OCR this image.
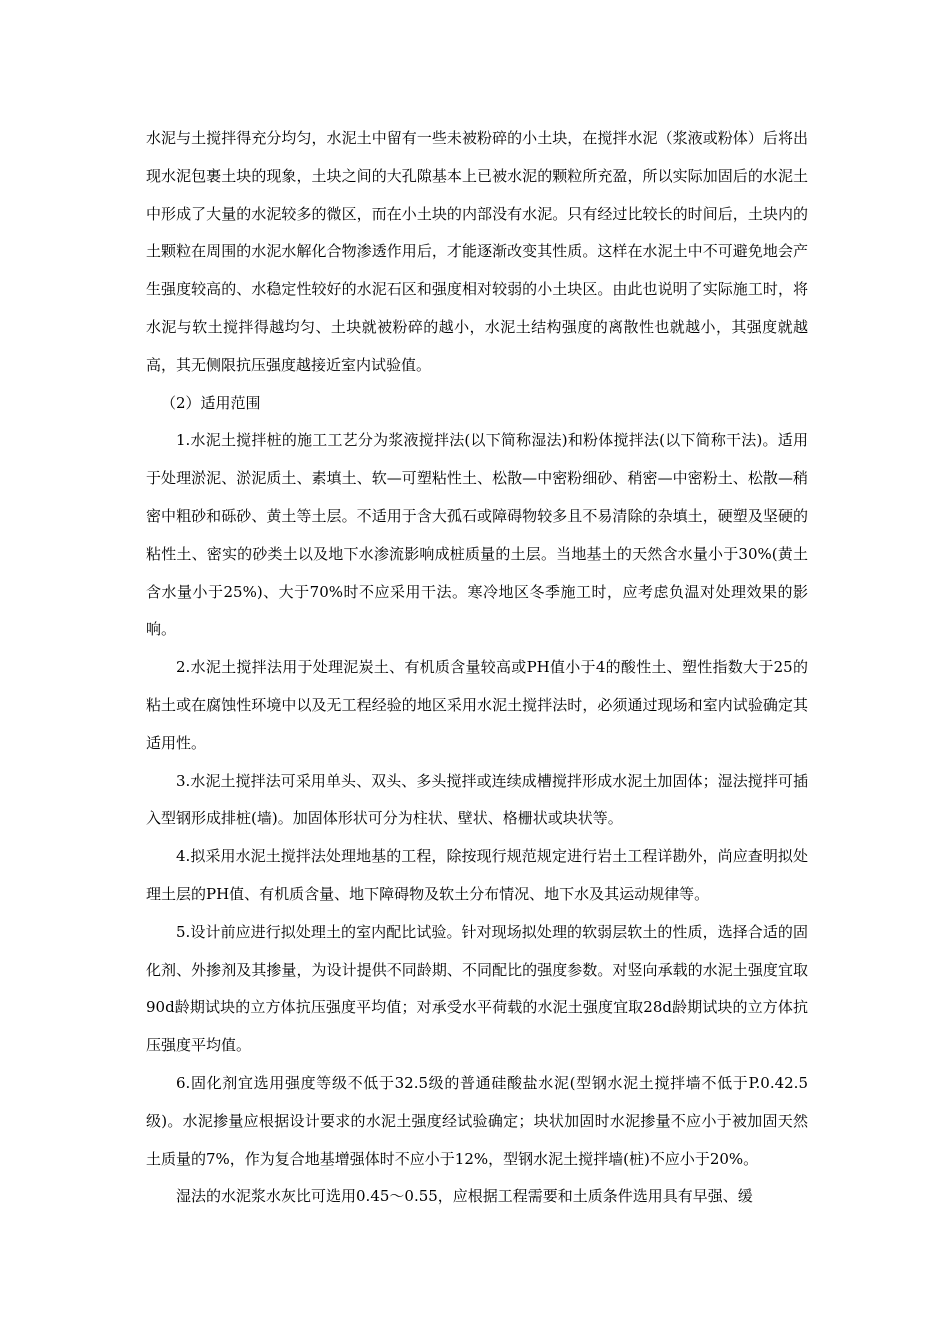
水泥与土搅拌得充分均匀，水泥土中留有一些未被粉碎的小土块，在搅拌水泥（浆液或粉体）后将出现水泥包裹土块的现象，土块之间的大孔隙基本上已被水泥的颗粒所充盈，所以实际加固后的水泥土中形成了大量的水泥较多的微区，而在小土块的内部没有水泥。只有经过比较长的时间后，土块内的土颗粒在周围的水泥水解化合物渗透作用后，才能逐渐改变其性质。这样在水泥土中不可避免地会产生强度较高的、水稳定性较好的水泥石区和强度相对较弱的小土块区。由此也说明了实际施工时，将水泥与软土搅拌得越均匀、土块就被粉碎的越小，水泥土结构强度的离散性也就越小，其强度就越高，其无侧限抗压强度越接近室内试验值。

（2）适用范围

1.水泥土搅拌桩的施工工艺分为浆液搅拌法(以下简称湿法)和粉体搅拌法(以下简称干法)。适用于处理淤泥、淤泥质土、素填土、软—可塑粘性土、松散—中密粉细砂、稍密—中密粉土、松散—稍密中粗砂和砾砂、黄土等土层。不适用于含大孤石或障碍物较多且不易清除的杂填土，硬塑及坚硬的粘性土、密实的砂类土以及地下水渗流影响成桩质量的土层。当地基土的天然含水量小于30%(黄土含水量小于25%)、大于70%时不应采用干法。寒冷地区冬季施工时，应考虑负温对处理效果的影响。

2.水泥土搅拌法用于处理泥炭土、有机质含量较高或PH值小于4的酸性土、塑性指数大于25的粘土或在腐蚀性环境中以及无工程经验的地区采用水泥土搅拌法时，必须通过现场和室内试验确定其适用性。

3.水泥土搅拌法可采用单头、双头、多头搅拌或连续成槽搅拌形成水泥土加固体；湿法搅拌可插入型钢形成排桩(墙)。加固体形状可分为柱状、壁状、格栅状或块状等。

4.拟采用水泥土搅拌法处理地基的工程，除按现行规范规定进行岩土工程详勘外，尚应查明拟处理土层的PH值、有机质含量、地下障碍物及软土分布情况、地下水及其运动规律等。

5.设计前应进行拟处理土的室内配比试验。针对现场拟处理的软弱层软土的性质，选择合适的固化剂、外掺剂及其掺量，为设计提供不同龄期、不同配比的强度参数。对竖向承载的水泥土强度宜取90d龄期试块的立方体抗压强度平均值；对承受水平荷载的水泥土强度宜取28d龄期试块的立方体抗压强度平均值。

6.固化剂宜选用强度等级不低于32.5级的普通硅酸盐水泥(型钢水泥土搅拌墙不低于P.0.42.5级)。水泥掺量应根据设计要求的水泥土强度经试验确定；块状加固时水泥掺量不应小于被加固天然土质量的7%，作为复合地基增强体时不应小于12%，型钢水泥土搅拌墙(桩)不应小于20%。

湿法的水泥浆水灰比可选用0.45～0.55，应根据工程需要和土质条件选用具有早强、缓
